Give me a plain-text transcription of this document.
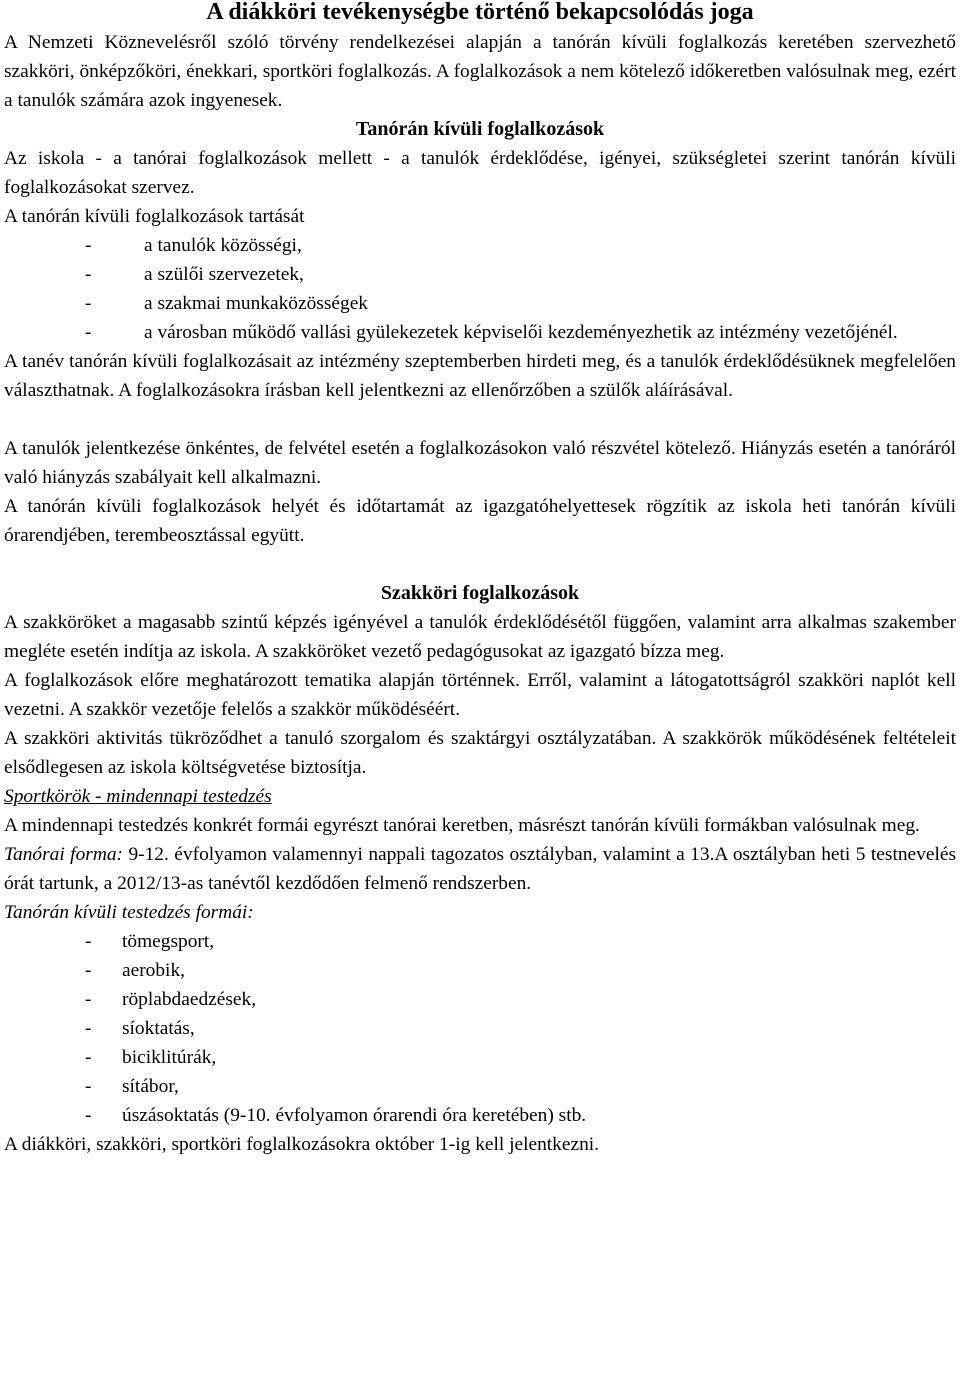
A diákköri tevékenységbe történő bekapcsolódás joga

A Nemzeti Köznevelésről szóló törvény rendelkezései alapján a tanórán kívüli foglalkozás keretében szervezhető szakköri, önképzőköri, énekkari, sportköri foglalkozás. A foglalkozások a nem kötelező időkeretben valósulnak meg, ezért a tanulók számára azok ingyenesek.

Tanórán kívüli foglalkozások

Az iskola - a tanórai foglalkozások mellett - a tanulók érdeklődése, igényei, szükségletei szerint tanórán kívüli foglalkozásokat szervez.

A tanórán kívüli foglalkozások tartását

- a tanulók közösségi,
- a szülői szervezetek,
- a szakmai munkaközösségek
- a városban működő vallási gyülekezetek képviselői kezdeményezhetik az intézmény vezetőjénél.

A tanév tanórán kívüli foglalkozásait az intézmény szeptemberben hirdeti meg, és a tanulók érdeklődésüknek megfelelően választhatnak. A foglalkozásokra írásban kell jelentkezni az ellenőrzőben a szülők aláírásával.

A tanulók jelentkezése önkéntes, de felvétel esetén a foglalkozásokon való részvétel kötelező. Hiányzás esetén a tanóráról való hiányzás szabályait kell alkalmazni.

A tanórán kívüli foglalkozások helyét és időtartamát az igazgatóhelyettesek rögzítik az iskola heti tanórán kívüli órarendjében, terembeosztással együtt.

Szakköri foglalkozások

A szakköröket a magasabb szintű képzés igényével a tanulók érdeklődésétől függően, valamint arra alkalmas szakember megléte esetén indítja az iskola. A szakköröket vezető pedagógusokat az igazgató bízza meg.

A foglalkozások előre meghatározott tematika alapján történnek. Erről, valamint a látogatottságról szakköri naplót kell vezetni. A szakkör vezetője felelős a szakkör működéséért.

A szakköri aktivitás tükröződhet a tanuló szorgalom és szaktárgyi osztályzatában. A szakkörök működésének feltételeit elsődlegesen az iskola költségvetése biztosítja.

Sportkörök - mindennapi testedzés

A mindennapi testedzés konkrét formái egyrészt tanórai keretben, másrészt tanórán kívüli formákban valósulnak meg.

Tanórai forma: 9-12. évfolyamon valamennyi nappali tagozatos osztályban, valamint a 13.A osztályban heti 5 testnevelés órát tartunk, a 2012/13-as tanévtől kezdődően felmenő rendszerben.

Tanórán kívüli testedzés formái:

- tömegsport,
- aerobik,
- röplabdaedzések,
- síoktatás,
- biciklitúrák,
- sítábor,
- úszásoktatás (9-10. évfolyamon órarendi óra keretében) stb.

A diákköri, szakköri, sportköri foglalkozásokra október 1-ig kell jelentkezni.
